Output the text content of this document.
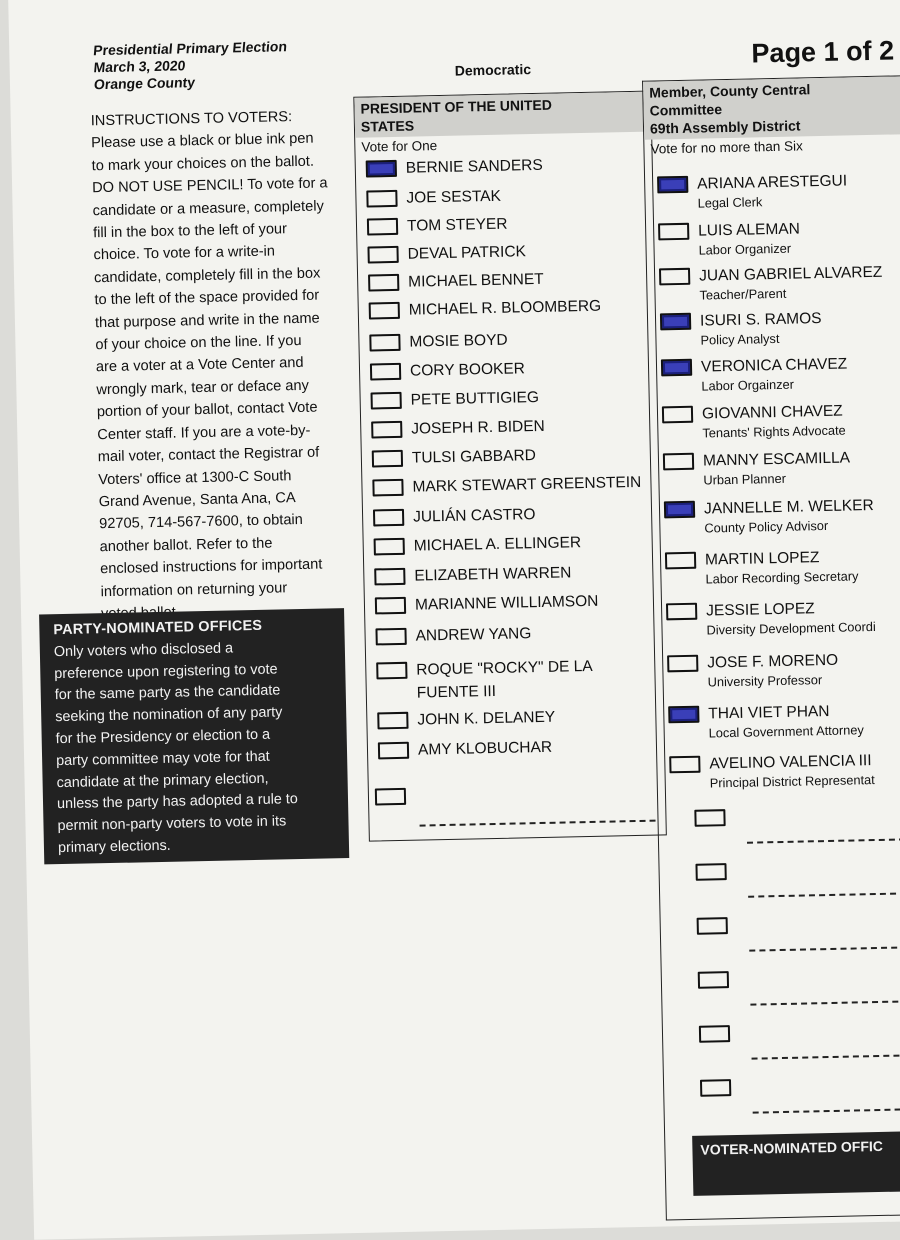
Presidential Primary Election
March 3, 2020
Orange County
Democratic
Page 1 of 2
INSTRUCTIONS TO VOTERS:
Please use a black or blue ink pen
to mark your choices on the ballot.
DO NOT USE PENCIL! To vote for a
candidate or a measure, completely
fill in the box to the left of your
choice. To vote for a write-in
candidate, completely fill in the box
to the left of the space provided for
that purpose and write in the name
of your choice on the line. If you
are a voter at a Vote Center and
wrongly mark, tear or deface any
portion of your ballot, contact Vote
Center staff. If you are a vote-by-
mail voter, contact the Registrar of
Voters' office at 1300-C South
Grand Avenue, Santa Ana, CA
92705, 714-567-7600, to obtain
another ballot. Refer to the
enclosed instructions for important
information on returning your
PARTY-NOMINATED OFFICES
Only voters who disclosed a
preference upon registering to vote
for the same party as the candidate
seeking the nomination of any party
for the Presidency or election to a
party committee may vote for that
candidate at the primary election,
unless the party has adopted a rule to
permit non-party voters to vote in its
primary elections.
PRESIDENT OF THE UNITED
STATES
Vote for One
BERNIE SANDERS
JOE SESTAK
TOM STEYER
DEVAL PATRICK
MICHAEL BENNET
MICHAEL R. BLOOMBERG
MOSIE BOYD
CORY BOOKER
PETE BUTTIGIEG
JOSEPH R. BIDEN
TULSI GABBARD
MARK STEWART GREENSTEIN
JULIÁN CASTRO
MICHAEL A. ELLINGER
ELIZABETH WARREN
MARIANNE WILLIAMSON
ANDREW YANG
ROQUE "ROCKY" DE LA
FUENTE III
JOHN K. DELANEY
AMY KLOBUCHAR
Member, County Central
Committee
69th Assembly District
Vote for no more than Six
ARIANA ARESTEGUI
Legal Clerk
LUIS ALEMAN
Labor Organizer
JUAN GABRIEL ALVAREZ
Teacher/Parent
ISURI S. RAMOS
Policy Analyst
VERONICA CHAVEZ
Labor Orgainzer
GIOVANNI CHAVEZ
Tenants' Rights Advocate
MANNY ESCAMILLA
Urban Planner
JANNELLE M. WELKER
County Policy Advisor
MARTIN LOPEZ
Labor Recording Secretary
JESSIE LOPEZ
Diversity Development Coordi
JOSE F. MORENO
University Professor
THAI VIET PHAN
Local Government Attorney
AVELINO VALENCIA III
Principal District Representat
VOTER-NOMINATED OFFIC
